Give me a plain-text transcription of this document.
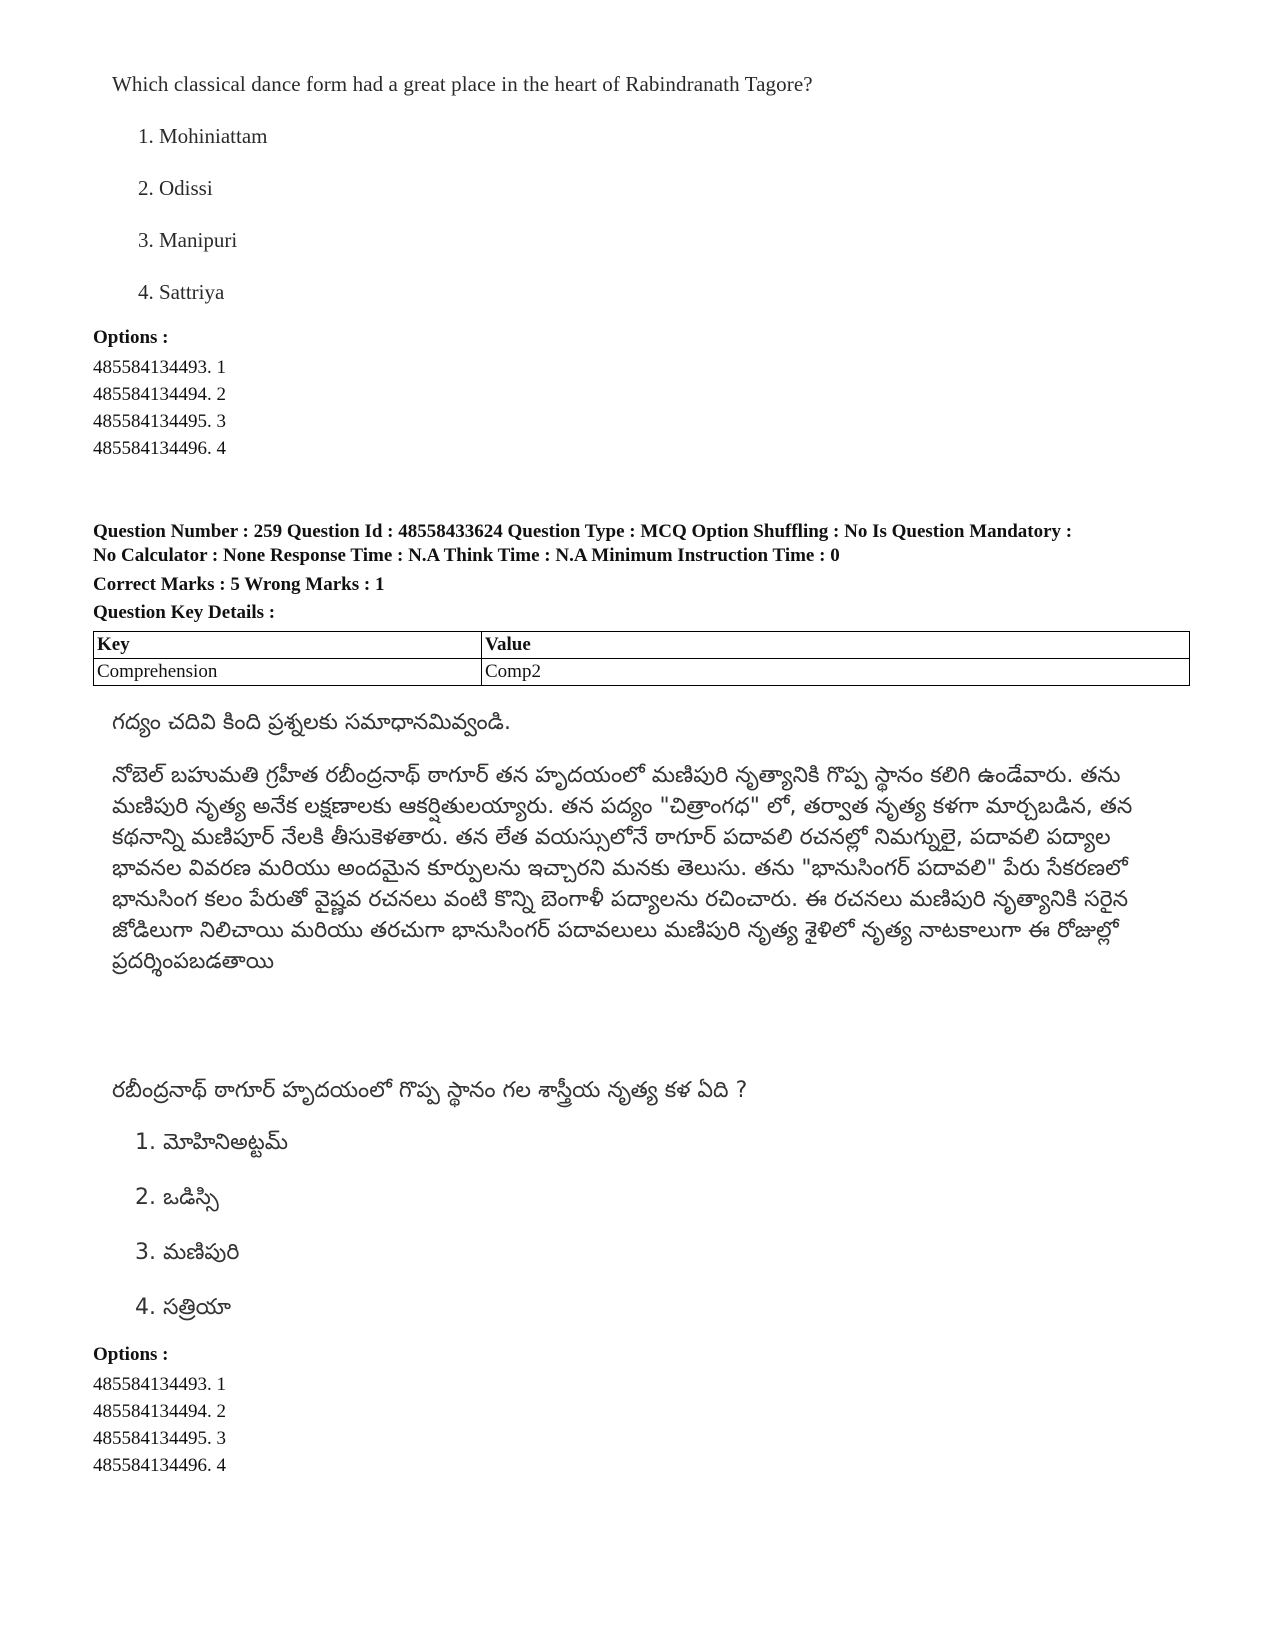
Which classical dance form had a great place in the heart of Rabindranath Tagore?
1. Mohiniattam
2. Odissi
3. Manipuri
4. Sattriya
Options :
485584134493. 1
485584134494. 2
485584134495. 3
485584134496. 4
Question Number : 259 Question Id : 48558433624 Question Type : MCQ Option Shuffling : No Is Question Mandatory :
No Calculator : None Response Time : N.A Think Time : N.A Minimum Instruction Time : 0
Correct Marks : 5 Wrong Marks : 1
Question Key Details :
Key	Value
Comprehension	Comp2
గద్యం చదివి కింది ప్రశ్నలకు సమాధానమివ్వండి.
నోబెల్ బహుమతి గ్రహీత రబీంద్రనాథ్ ఠాగూర్ తన హృదయంలో మణిపురి నృత్యానికి గొప్ప స్థానం కలిగి ఉండేవారు. తను మణిపురి నృత్య అనేక లక్షణాలకు ఆకర్షితులయ్యారు. తన పద్యం "చిత్రాంగధ" లో, తర్వాత నృత్య కళగా మార్చబడిన, తన కథనాన్ని మణిపూర్ నేలకి తీసుకెళతారు. తన లేత వయస్సులోనే ఠాగూర్ పదావలి రచనల్లో నిమగ్నులై, పదావలి పద్యాల భావనల వివరణ మరియు అందమైన కూర్పులను ఇచ్చారని మనకు తెలుసు. తను "భానుసింగర్ పదావలి" పేరు సేకరణలో భానుసింగ కలం పేరుతో వైష్ణవ రచనలు వంటి కొన్ని బెంగాళీ పద్యాలను రచించారు. ఈ రచనలు మణిపురి నృత్యానికి సరైన జోడిలుగా నిలిచాయి మరియు తరచుగా భానుసింగర్ పదావలులు మణిపురి నృత్య శైళిలో నృత్య నాటకాలుగా ఈ రోజుల్లో ప్రదర్శింపబడతాయి
రబీంద్రనాథ్ ఠాగూర్ హృదయంలో గొప్ప స్థానం గల శాస్త్రీయ నృత్య కళ ఏది ?
1. మోహినిఅట్టమ్
2. ఒడిస్సి
3. మణిపురి
4. సత్రియా
Options :
485584134493. 1
485584134494. 2
485584134495. 3
485584134496. 4
